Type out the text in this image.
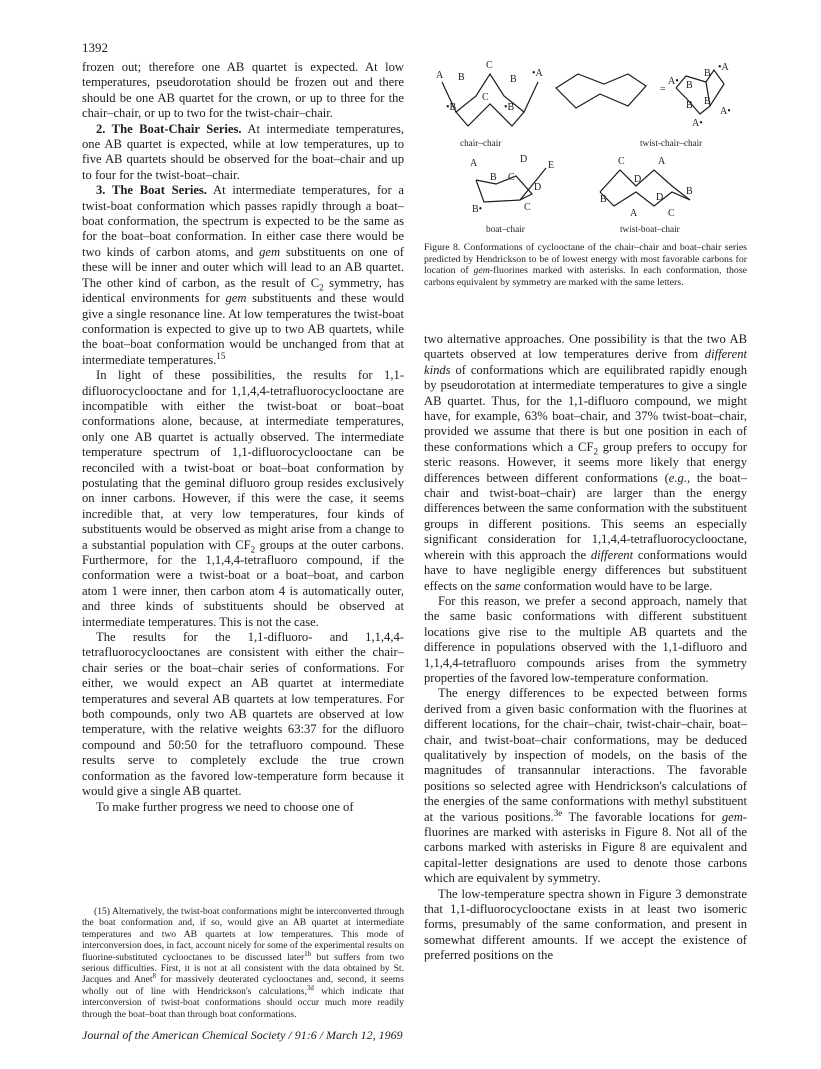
1392

frozen out; therefore one AB quartet is expected. At low temperatures, pseudorotation should be frozen out and there should be one AB quartet for the crown, or up to three for the chair–chair, or up to two for the twist-chair–chair.

2. The Boat-Chair Series. At intermediate temperatures, one AB quartet is expected, while at low temperatures, up to five AB quartets should be observed for the boat–chair and up to four for the twist-boat–chair.

3. The Boat Series. At intermediate temperatures, for a twist-boat conformation which passes rapidly through a boat–boat conformation, the spectrum is expected to be the same as for the boat–boat conformation. In either case there would be two kinds of carbon atoms, and gem substituents on one of these will be inner and outer which will lead to an AB quartet. The other kind of carbon, as the result of $C_2$ symmetry, has identical environments for gem substituents and these would give a single resonance line. At low temperatures the twist-boat conformation is expected to give up to two AB quartets, while the boat–boat conformation would be unchanged from that at intermediate temperatures.$^{15}$

In light of these possibilities, the results for 1,1-difluorocyclooctane and for 1,1,4,4-tetrafluorocyclooctane are incompatible with either the twist-boat or boat–boat conformations alone, because, at intermediate temperatures, only one AB quartet is actually observed. The intermediate temperature spectrum of 1,1-difluorocyclooctane can be reconciled with a twist-boat or boat–boat conformation by postulating that the geminal difluoro group resides exclusively on inner carbons. However, if this were the case, it seems incredible that, at very low temperatures, four kinds of substituents would be observed as might arise from a change to a substantial population with $CF_2$ groups at the outer carbons. Furthermore, for the 1,1,4,4-tetrafluoro compound, if the conformation were a twist-boat or a boat–boat, and carbon atom 1 were inner, then carbon atom 4 is automatically outer, and three kinds of substituents should be observed at intermediate temperatures. This is not the case.

The results for the 1,1-difluoro- and 1,1,4,4-tetrafluorocyclooctanes are consistent with either the chair–chair series or the boat–chair series of conformations. For either, we would expect an AB quartet at intermediate temperatures and several AB quartets at low temperatures. For both compounds, only two AB quartets are observed at low temperature, with the relative weights 63:37 for the difluoro compound and 50:50 for the tetrafluoro compound. These results serve to completely exclude the true crown conformation as the favored low-temperature form because it would give a single AB quartet.

To make further progress we need to choose one of

(15) Alternatively, the twist-boat conformations might be interconverted through the boat conformation and, if so, would give an AB quartet at intermediate temperatures and two AB quartets at low temperatures. This mode of interconversion does, in fact, account nicely for some of the experimental results on fluorine-substituted cyclooctanes to be discussed later$^{1b}$ but suffers from two serious difficulties. First, it is not at all consistent with the data obtained by St. Jacques and Anet$^8$ for massively deuterated cyclooctanes and, second, it seems wholly out of line with Hendrickson's calculations,$^{3d}$ which indicate that interconversion of twist-boat conformations should occur much more readily through the boat–boat than through boat conformations.

=
A B
C
B
•A
C
•B	•B
A• B
B
•A
B B
A•
A•
A	D
E
B C
D
B•	C
C	A
D
B	D
B
A	C
chair–chair	twist-chair–chair
boat–chair	twist-boat–chair
Figure 8. Conformations of cyclooctane of the chair–chair and boat–chair series predicted by Hendrickson to be of lowest energy with most favorable carbons for location of gem-fluorines marked with asterisks. In each conformation, those carbons equivalent by symmetry are marked with the same letters.

two alternative approaches. One possibility is that the two AB quartets observed at low temperatures derive from different kinds of conformations which are equilibrated rapidly enough by pseudorotation at intermediate temperatures to give a single AB quartet. Thus, for the 1,1-difluoro compound, we might have, for example, 63% boat–chair, and 37% twist-boat–chair, provided we assume that there is but one position in each of these conformations which a $CF_2$ group prefers to occupy for steric reasons. However, it seems more likely that energy differences between different conformations (e.g., the boat–chair and twist-boat–chair) are larger than the energy differences between the same conformation with the substituent groups in different positions. This seems an especially significant consideration for 1,1,4,4-tetrafluorocyclooctane, wherein with this approach the different conformations would have to have negligible energy differences but substituent effects on the same conformation would have to be large.

For this reason, we prefer a second approach, namely that the same basic conformations with different substituent locations give rise to the multiple AB quartets and the difference in populations observed with the 1,1-difluoro and 1,1,4,4-tetrafluoro compounds arises from the symmetry properties of the favored low-temperature conformation.

The energy differences to be expected between forms derived from a given basic conformation with the fluorines at different locations, for the chair–chair, twist-chair–chair, boat–chair, and twist-boat–chair conformations, may be deduced qualitatively by inspection of models, on the basis of the magnitudes of transannular interactions. The favorable positions so selected agree with Hendrickson's calculations of the energies of the same conformations with methyl substituent at the various positions.$^{3e}$ The favorable locations for gem-fluorines are marked with asterisks in Figure 8. Not all of the carbons marked with asterisks in Figure 8 are equivalent and capital-letter designations are used to denote those carbons which are equivalent by symmetry.

The low-temperature spectra shown in Figure 3 demonstrate that 1,1-difluorocyclooctane exists in at least two isomeric forms, presumably of the same conformation, and present in somewhat different amounts. If we accept the existence of preferred positions on the

Journal of the American Chemical Society / 91:6 / March 12, 1969
